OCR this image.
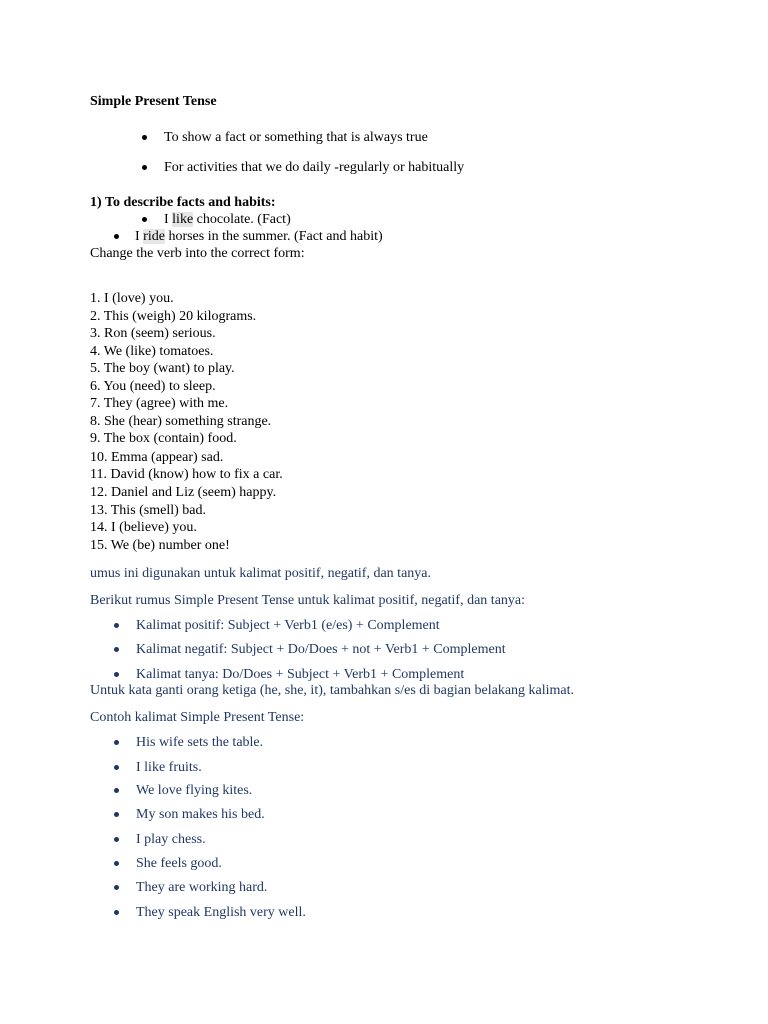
Simple Present Tense
To show a fact or something that is always true
For activities that we do daily -regularly or habitually
1) To describe facts and habits:
I like chocolate. (Fact)
I ride horses in the summer. (Fact and habit)
Change the verb into the correct form:
1. I (love) you.
2. This (weigh) 20 kilograms.
3. Ron (seem) serious.
4. We (like) tomatoes.
5. The boy (want) to play.
6. You (need) to sleep.
7. They (agree) with me.
8. She (hear) something strange.
9. The box (contain) food.
10. Emma (appear) sad.
11. David (know) how to fix a car.
12. Daniel and Liz (seem) happy.
13. This (smell) bad.
14. I (believe) you.
15. We (be) number one!
umus ini digunakan untuk kalimat positif, negatif, dan tanya.
Berikut rumus Simple Present Tense untuk kalimat positif, negatif, dan tanya:
Kalimat positif: Subject + Verb1 (e/es) + Complement
Kalimat negatif: Subject + Do/Does + not + Verb1 + Complement
Kalimat tanya: Do/Does + Subject + Verb1 + Complement
Untuk kata ganti orang ketiga (he, she, it), tambahkan s/es di bagian belakang kalimat.
Contoh kalimat Simple Present Tense:
His wife sets the table.
I like fruits.
We love flying kites.
My son makes his bed.
I play chess.
She feels good.
They are working hard.
They speak English very well.
